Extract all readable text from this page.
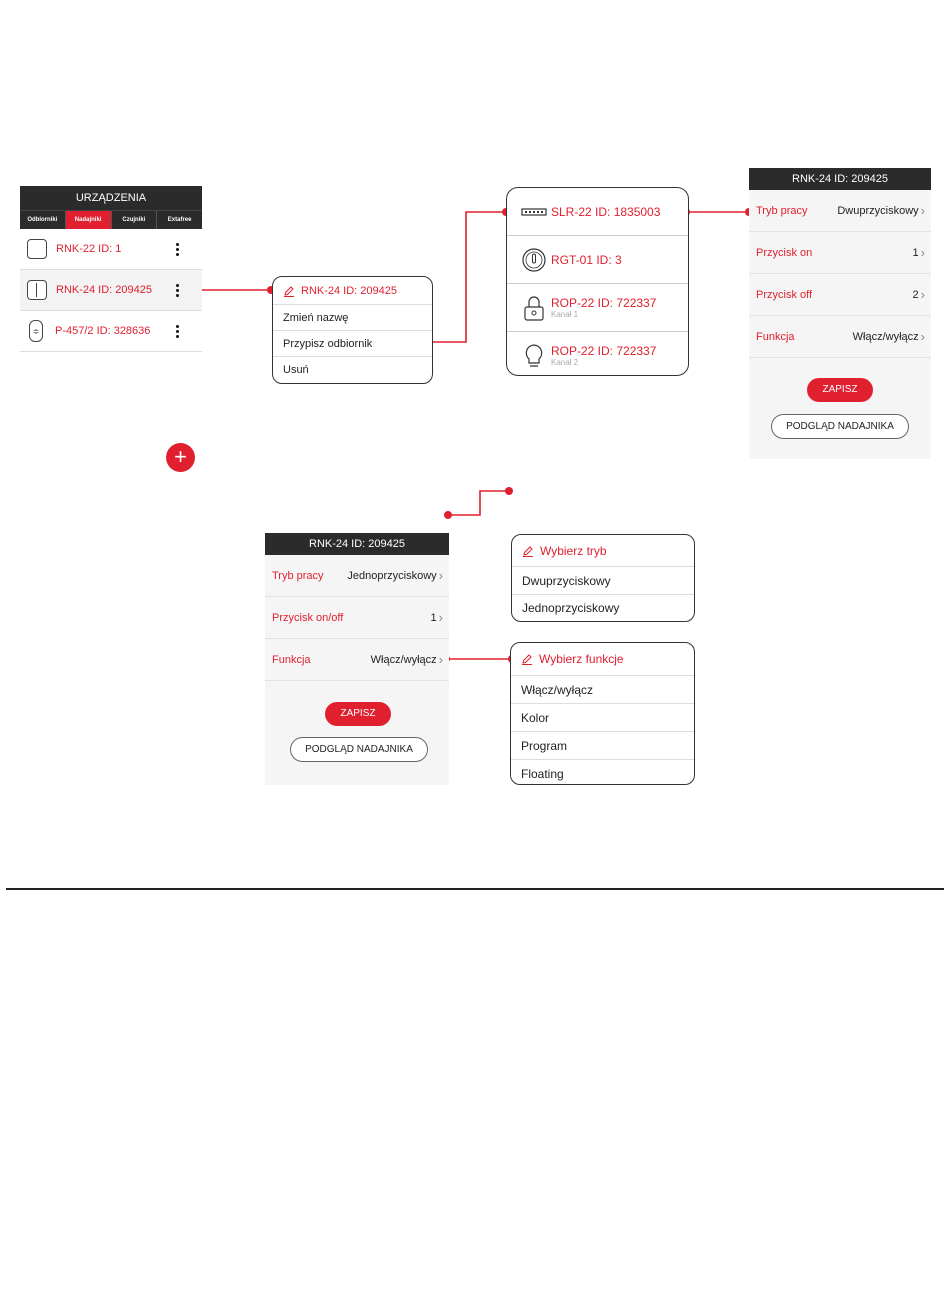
URZĄDZENIA
Odbiorniki	Nadajniki	Czujniki	Extafree
RNK-22 ID: 1
RNK-24 ID: 209425
≑	P-457/2 ID: 328636
+
RNK-24 ID: 209425
Zmień nazwę
Przypisz odbiornik
Usuń
SLR-22 ID: 1835003
RGT-01 ID: 3
ROP-22 ID: 722337
Kanał 1
ROP-22 ID: 722337
Kanał 2
RNK-24 ID: 209425
Tryb pracy	Dwuprzyciskowy ›
Przycisk on	1 ›
Przycisk off	2 ›
Funkcja	Włącz/wyłącz ›
ZAPISZ
PODGLĄD NADAJNIKA
RNK-24 ID: 209425
Tryb pracy	Jednoprzyciskowy ›
Przycisk on/off	1 ›
Funkcja	Włącz/wyłącz ›
ZAPISZ
PODGLĄD NADAJNIKA
Wybierz tryb
Dwuprzyciskowy
Jednoprzyciskowy
Wybierz funkcje
Włącz/wyłącz
Kolor
Program
Floating
